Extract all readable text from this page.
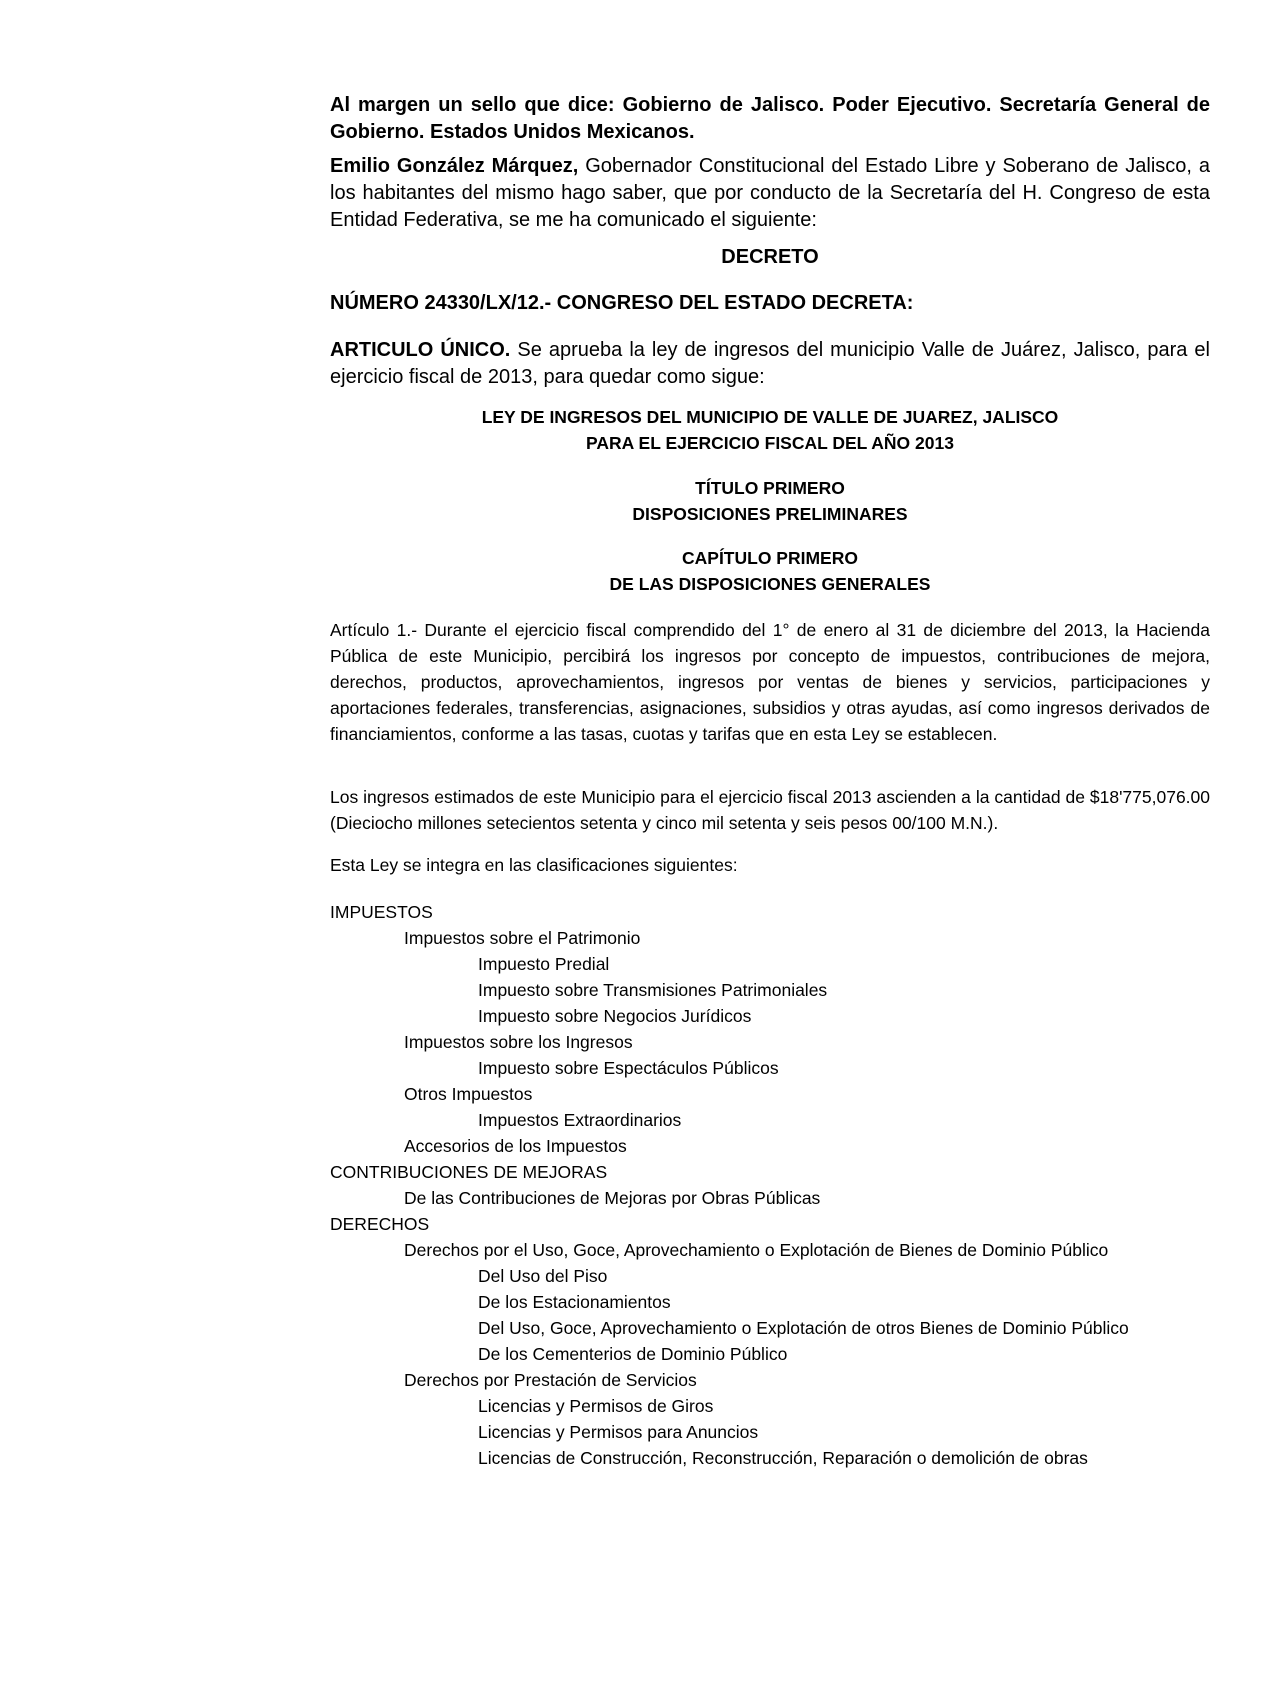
Al margen un sello que dice: Gobierno de Jalisco. Poder Ejecutivo. Secretaría General de Gobierno. Estados Unidos Mexicanos.

Emilio González Márquez, Gobernador Constitucional del Estado Libre y Soberano de Jalisco, a los habitantes del mismo hago saber, que por conducto de la Secretaría del H. Congreso de esta Entidad Federativa, se me ha comunicado el siguiente:

DECRETO

NÚMERO 24330/LX/12.- CONGRESO DEL ESTADO DECRETA:

ARTICULO ÚNICO. Se aprueba la ley de ingresos del municipio Valle de Juárez, Jalisco, para el ejercicio fiscal de 2013, para quedar como sigue:

LEY DE INGRESOS DEL MUNICIPIO DE VALLE DE JUAREZ, JALISCO
PARA EL EJERCICIO FISCAL DEL AÑO 2013
TÍTULO PRIMERO
DISPOSICIONES PRELIMINARES
CAPÍTULO PRIMERO
DE LAS DISPOSICIONES GENERALES

Artículo 1.- Durante el ejercicio fiscal comprendido del 1° de enero al 31 de diciembre del 2013, la Hacienda Pública de este Municipio, percibirá los ingresos por concepto de impuestos, contribuciones de mejora, derechos, productos, aprovechamientos, ingresos por ventas de bienes y servicios, participaciones y aportaciones federales, transferencias, asignaciones, subsidios y otras ayudas, así como ingresos derivados de financiamientos, conforme a las tasas, cuotas y tarifas que en esta Ley se establecen.

Los ingresos estimados de este Municipio para el ejercicio fiscal 2013 ascienden a la cantidad de $18'775,076.00 (Dieciocho millones setecientos setenta y cinco mil setenta y seis pesos 00/100 M.N.).

Esta Ley se integra en las clasificaciones siguientes:

IMPUESTOS
Impuestos sobre el Patrimonio
Impuesto Predial
Impuesto sobre Transmisiones Patrimoniales
Impuesto sobre Negocios Jurídicos
Impuestos sobre los Ingresos
Impuesto sobre Espectáculos Públicos
Otros Impuestos
Impuestos Extraordinarios
Accesorios de los Impuestos
CONTRIBUCIONES DE MEJORAS
De las Contribuciones de Mejoras por Obras Públicas
DERECHOS
Derechos por el Uso, Goce, Aprovechamiento o Explotación de Bienes de Dominio Público
Del Uso del Piso
De los Estacionamientos
Del Uso, Goce, Aprovechamiento o Explotación de otros Bienes de Dominio Público
De los Cementerios de Dominio Público
Derechos por Prestación de Servicios
Licencias y Permisos de Giros
Licencias y Permisos para Anuncios
Licencias de Construcción, Reconstrucción, Reparación o demolición de obras
